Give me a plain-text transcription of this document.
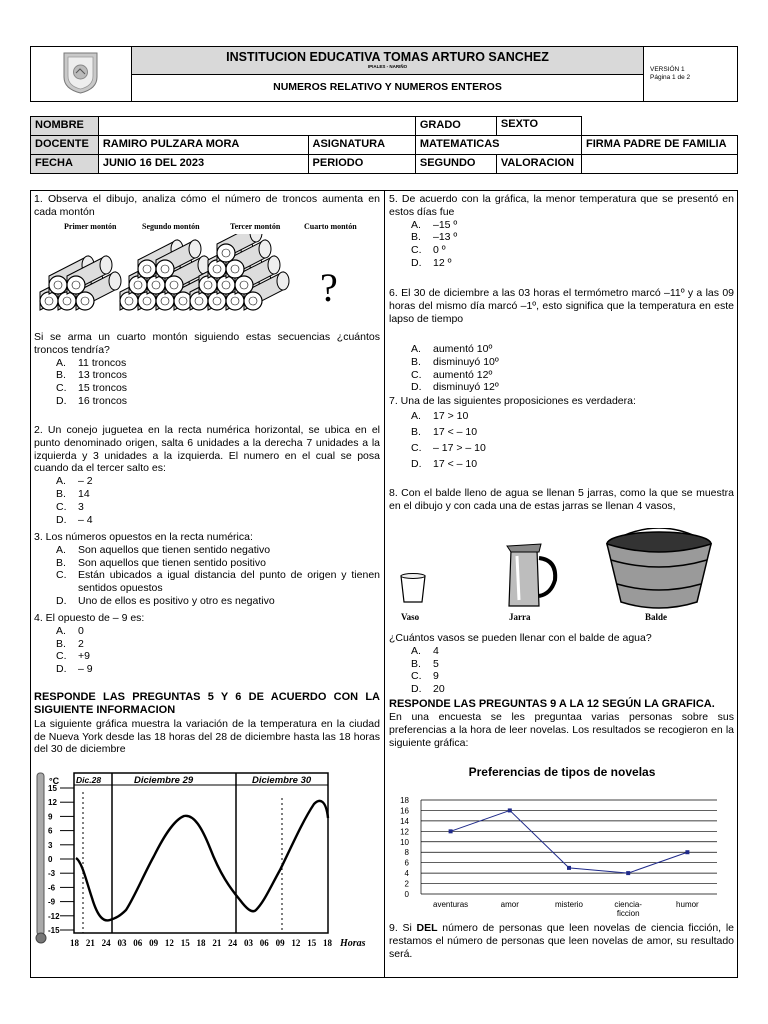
INSTITUCION EDUCATIVA TOMAS ARTURO SANCHEZ
IPIALES - NARIÑO	VERSIÓN 1
Página 1 de 2

NUMEROS RELATIVO Y NUMEROS ENTEROS
NOMBRE			GRADO	SEXTO	
DOCENTE	RAMIRO PULZARA MORA	ASIGNATURA	MATEMATICAS		FIRMA PADRE DE FAMILIA
FECHA	JUNIO 16 DEL 2023	PERIODO	SEGUNDO	VALORACION	

1. Observa el dibujo, analiza cómo el número de troncos aumenta en cada montón

Primer montón	Segundo montón	Tercer montón	Cuarto montón
?

Si se arma un cuarto montón siguiendo estas secuencias ¿cuántos troncos tendría?

A.	11 troncos
B.	13 troncos
C.	15 troncos
D.	16 troncos

2. Un conejo juguetea en la recta numérica horizontal, se ubica en el punto denominado origen, salta 6 unidades a la derecha 7 unidades a la izquierda y 3 unidades a la izquierda. El numero en el cual se posa cuando da el tercer salto es:

A.	– 2
B.	14
C.	3
D.	– 4

3. Los números opuestos en la recta numérica:

A.	Son aquellos que tienen sentido negativo
B.	Son aquellos que tienen sentido positivo
C.	Están ubicados a igual distancia del punto de origen y tienen sentidos opuestos
D.	Uno de ellos es positivo y otro es negativo

4. El opuesto de – 9 es:

A.	0
B.	2
C.	+9
D.	– 9

RESPONDE LAS PREGUNTAS 5 Y 6 DE ACUERDO CON LA SIGUIENTE INFORMACION

La siguiente gráfica muestra la variación de la temperatura en la ciudad de Nueva York desde las 18 horas del 28 de diciembre hasta las 18 horas del 30 de diciembre

°C Dic.28	Diciembre 29	Diciembre 30
15
12
9
6
3
0
-3
-6
-9
-12
-15
18 21 24 03 06 09 12 15 18 21 24 03 06 09 12 15 18 Horas

5. De acuerdo con la gráfica, la menor temperatura que se presentó en estos días fue

A.	–15 º
B.	–13 º
C.	0 º
D.	12 º

6. El 30 de diciembre a las 03 horas el termómetro marcó –11º y a las 09 horas del mismo día marcó –1º, esto significa que la temperatura en este lapso de tiempo

A.	aumentó 10º
B.	disminuyó 10º
C.	aumentó 12º
D.	disminuyó 12º

7. Una de las siguientes proposiciones es verdadera:

A.	17 > 10
B.	17 < – 10
C.	– 17 > – 10
D.	17 < – 10

8. Con el balde lleno de agua se llenan 5 jarras, como la que se muestra en el dibujo y con cada una de estas jarras se llenan 4 vasos,

Vaso	Jarra	Balde

¿Cuántos vasos se pueden llenar con el balde de agua?

A.	4
B.	5
C.	9
D.	20

RESPONDE LAS PREGUNTAS 9 A LA 12 SEGÚN LA GRAFICA.

En una encuesta se les preguntaa varias personas sobre sus preferencias a la hora de leer novelas. Los resultados se recogieron en la siguiente gráfica:

Preferencias de tipos de novelas
0
2
4
6
8
10
12
14
16
18
aventuras	amor	misterio	ciencia-
ficcion
humor

9. Si DEL número de personas que leen novelas de ciencia ficción, le restamos el número de personas que leen novelas de amor, su resultado será.
